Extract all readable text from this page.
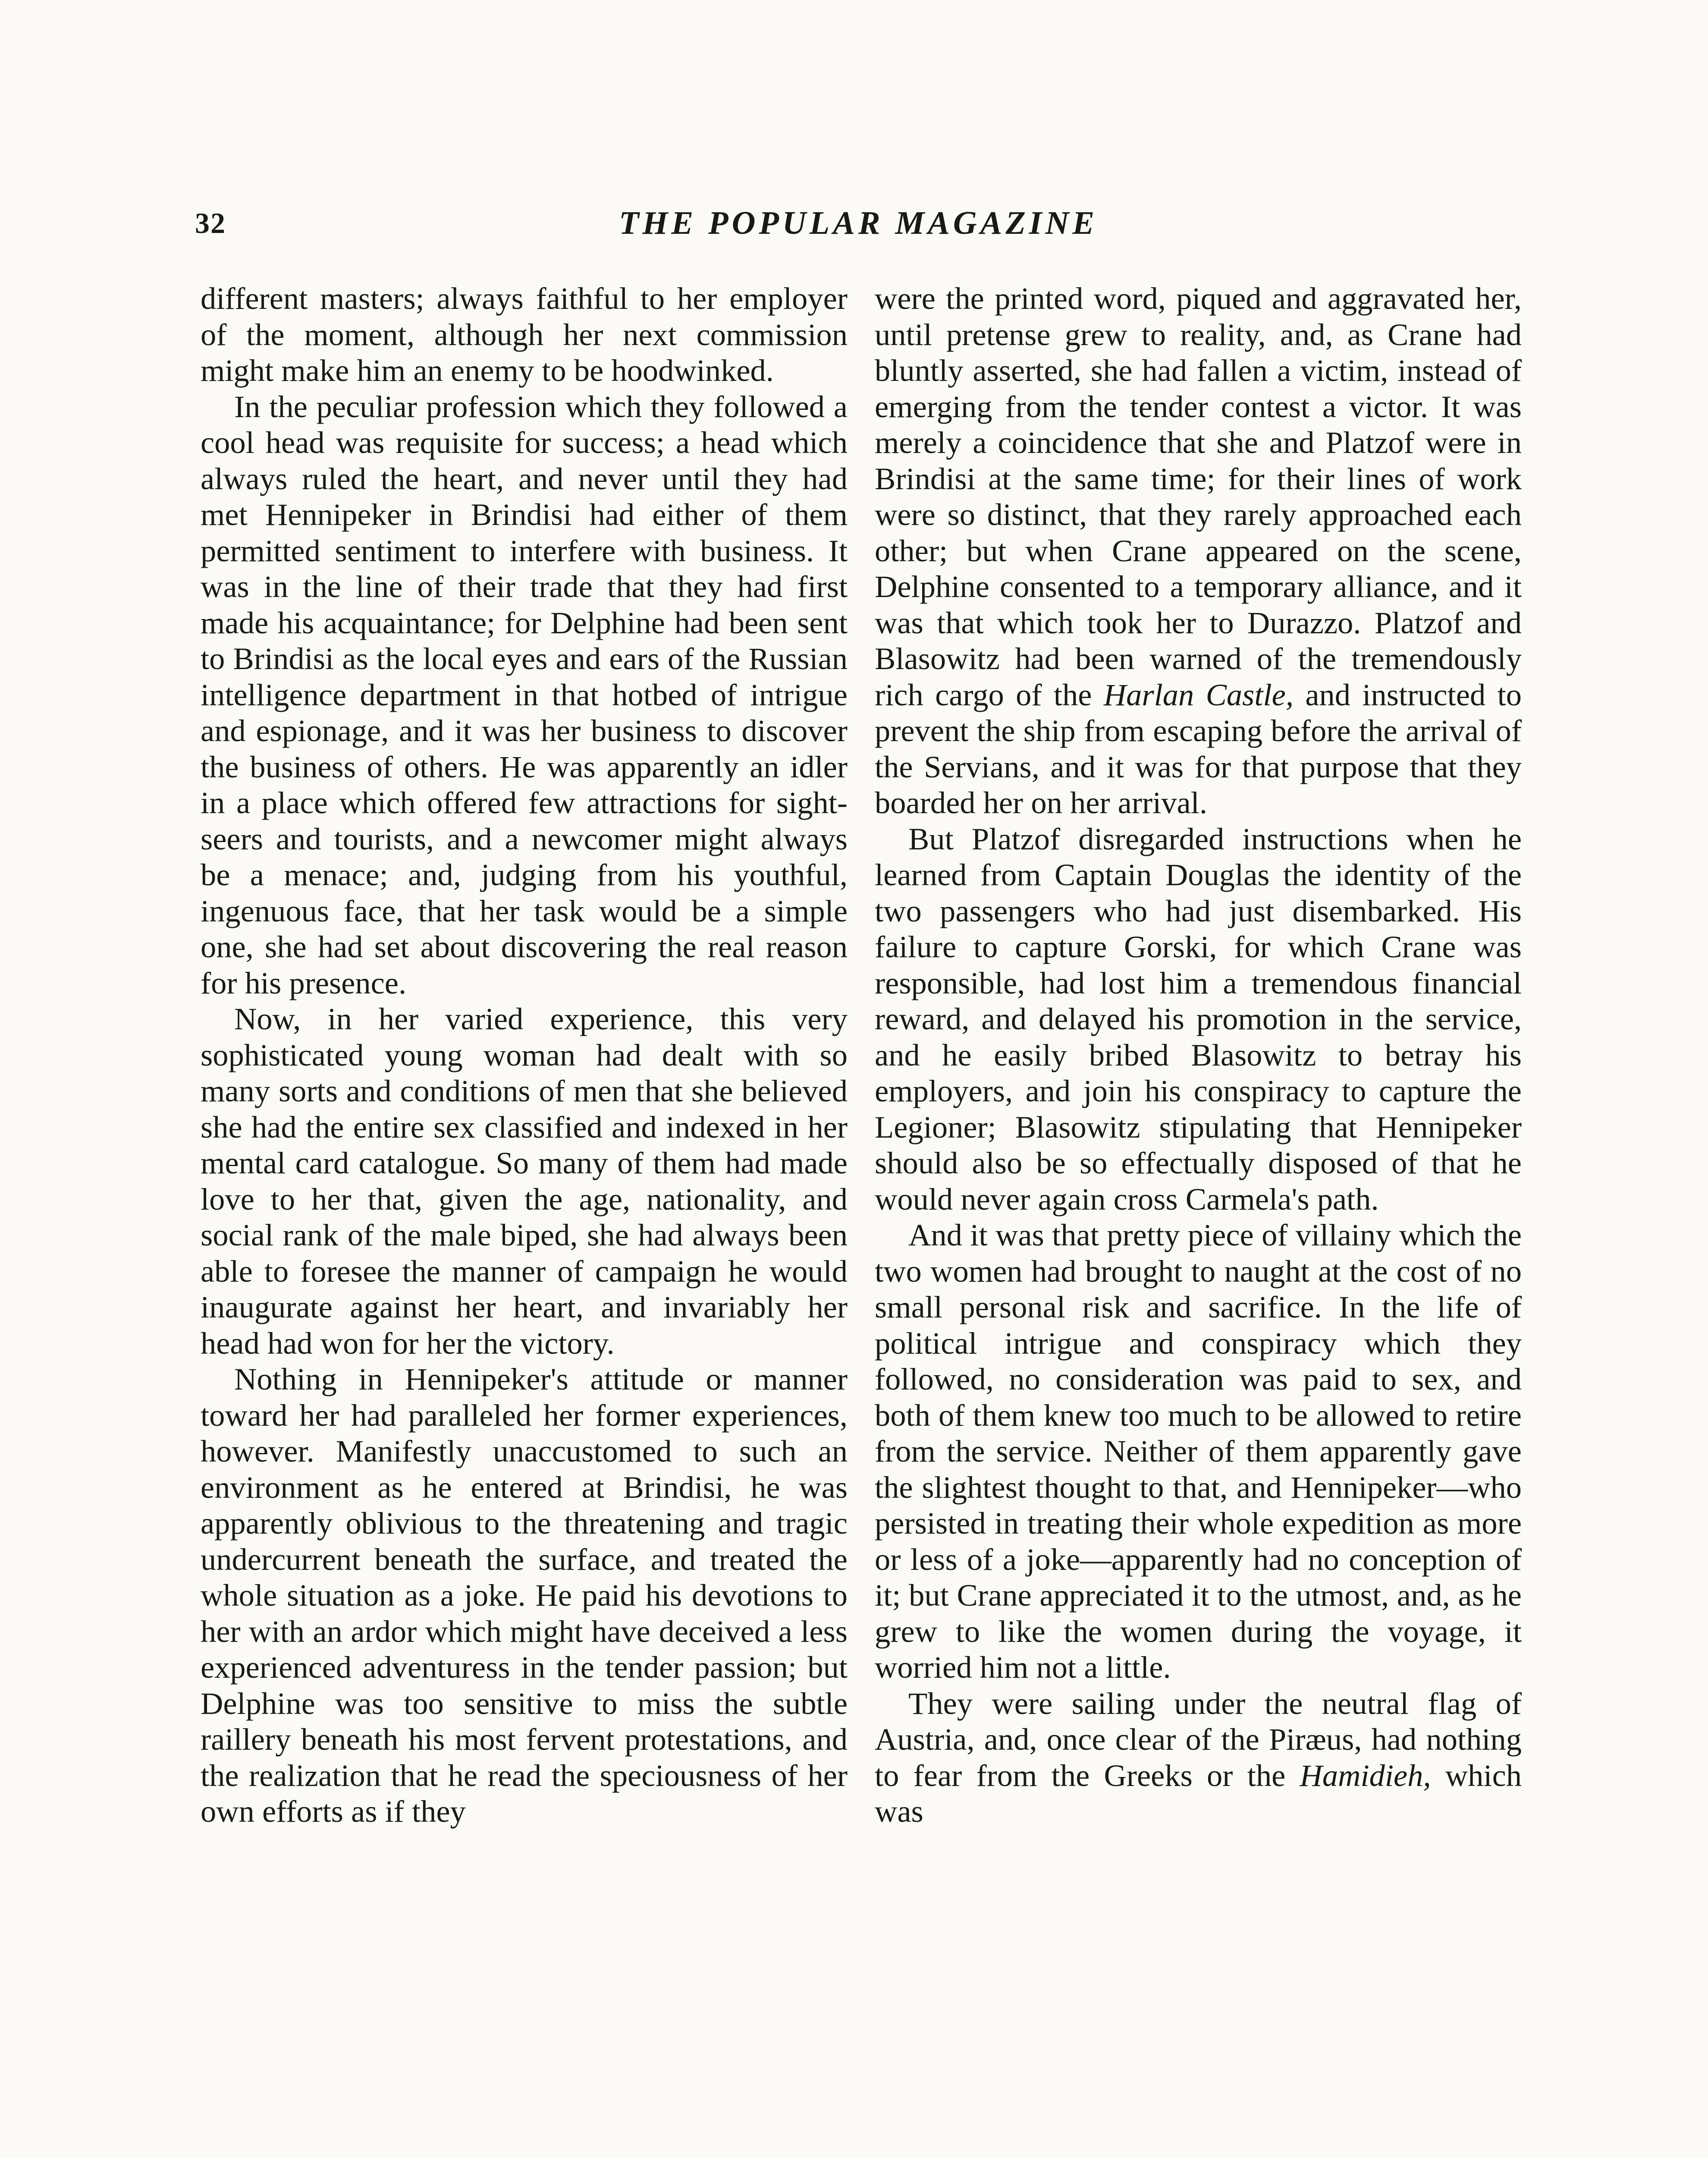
32	THE POPULAR MAGAZINE

different masters; always faithful to her employer of the moment, although her next commission might make him an enemy to be hoodwinked.

In the peculiar profession which they followed a cool head was requisite for success; a head which always ruled the heart, and never until they had met Hennipeker in Brindisi had either of them permitted sentiment to interfere with business. It was in the line of their trade that they had first made his acquaintance; for Delphine had been sent to Brindisi as the local eyes and ears of the Russian intelligence department in that hotbed of intrigue and espionage, and it was her business to discover the business of others. He was apparently an idler in a place which offered few attractions for sight-seers and tourists, and a newcomer might always be a menace; and, judging from his youthful, ingenuous face, that her task would be a simple one, she had set about discovering the real reason for his presence.

Now, in her varied experience, this very sophisticated young woman had dealt with so many sorts and conditions of men that she believed she had the entire sex classified and indexed in her mental card catalogue. So many of them had made love to her that, given the age, nationality, and social rank of the male biped, she had always been able to foresee the manner of campaign he would inaugurate against her heart, and invariably her head had won for her the victory.

Nothing in Hennipeker's attitude or manner toward her had paralleled her former experiences, however. Manifestly unaccustomed to such an environment as he entered at Brindisi, he was apparently oblivious to the threatening and tragic undercurrent beneath the surface, and treated the whole situation as a joke. He paid his devotions to her with an ardor which might have deceived a less experienced adventuress in the tender passion; but Delphine was too sensitive to miss the subtle raillery beneath his most fervent protestations, and the realization that he read the speciousness of her own efforts as if they

were the printed word, piqued and aggravated her, until pretense grew to reality, and, as Crane had bluntly asserted, she had fallen a victim, instead of emerging from the tender contest a victor. It was merely a coincidence that she and Platzof were in Brindisi at the same time; for their lines of work were so distinct, that they rarely approached each other; but when Crane appeared on the scene, Delphine consented to a temporary alliance, and it was that which took her to Durazzo. Platzof and Blasowitz had been warned of the tremendously rich cargo of the Harlan Castle, and instructed to prevent the ship from escaping before the arrival of the Servians, and it was for that purpose that they boarded her on her arrival.

But Platzof disregarded instructions when he learned from Captain Douglas the identity of the two passengers who had just disembarked. His failure to capture Gorski, for which Crane was responsible, had lost him a tremendous financial reward, and delayed his promotion in the service, and he easily bribed Blasowitz to betray his employers, and join his conspiracy to capture the Legioner; Blasowitz stipulating that Hennipeker should also be so effectually disposed of that he would never again cross Carmela's path.

And it was that pretty piece of villainy which the two women had brought to naught at the cost of no small personal risk and sacrifice. In the life of political intrigue and conspiracy which they followed, no consideration was paid to sex, and both of them knew too much to be allowed to retire from the service. Neither of them apparently gave the slightest thought to that, and Hennipeker—who persisted in treating their whole expedition as more or less of a joke—apparently had no conception of it; but Crane appreciated it to the utmost, and, as he grew to like the women during the voyage, it worried him not a little.

They were sailing under the neutral flag of Austria, and, once clear of the Piræus, had nothing to fear from the Greeks or the Hamidieh, which was
